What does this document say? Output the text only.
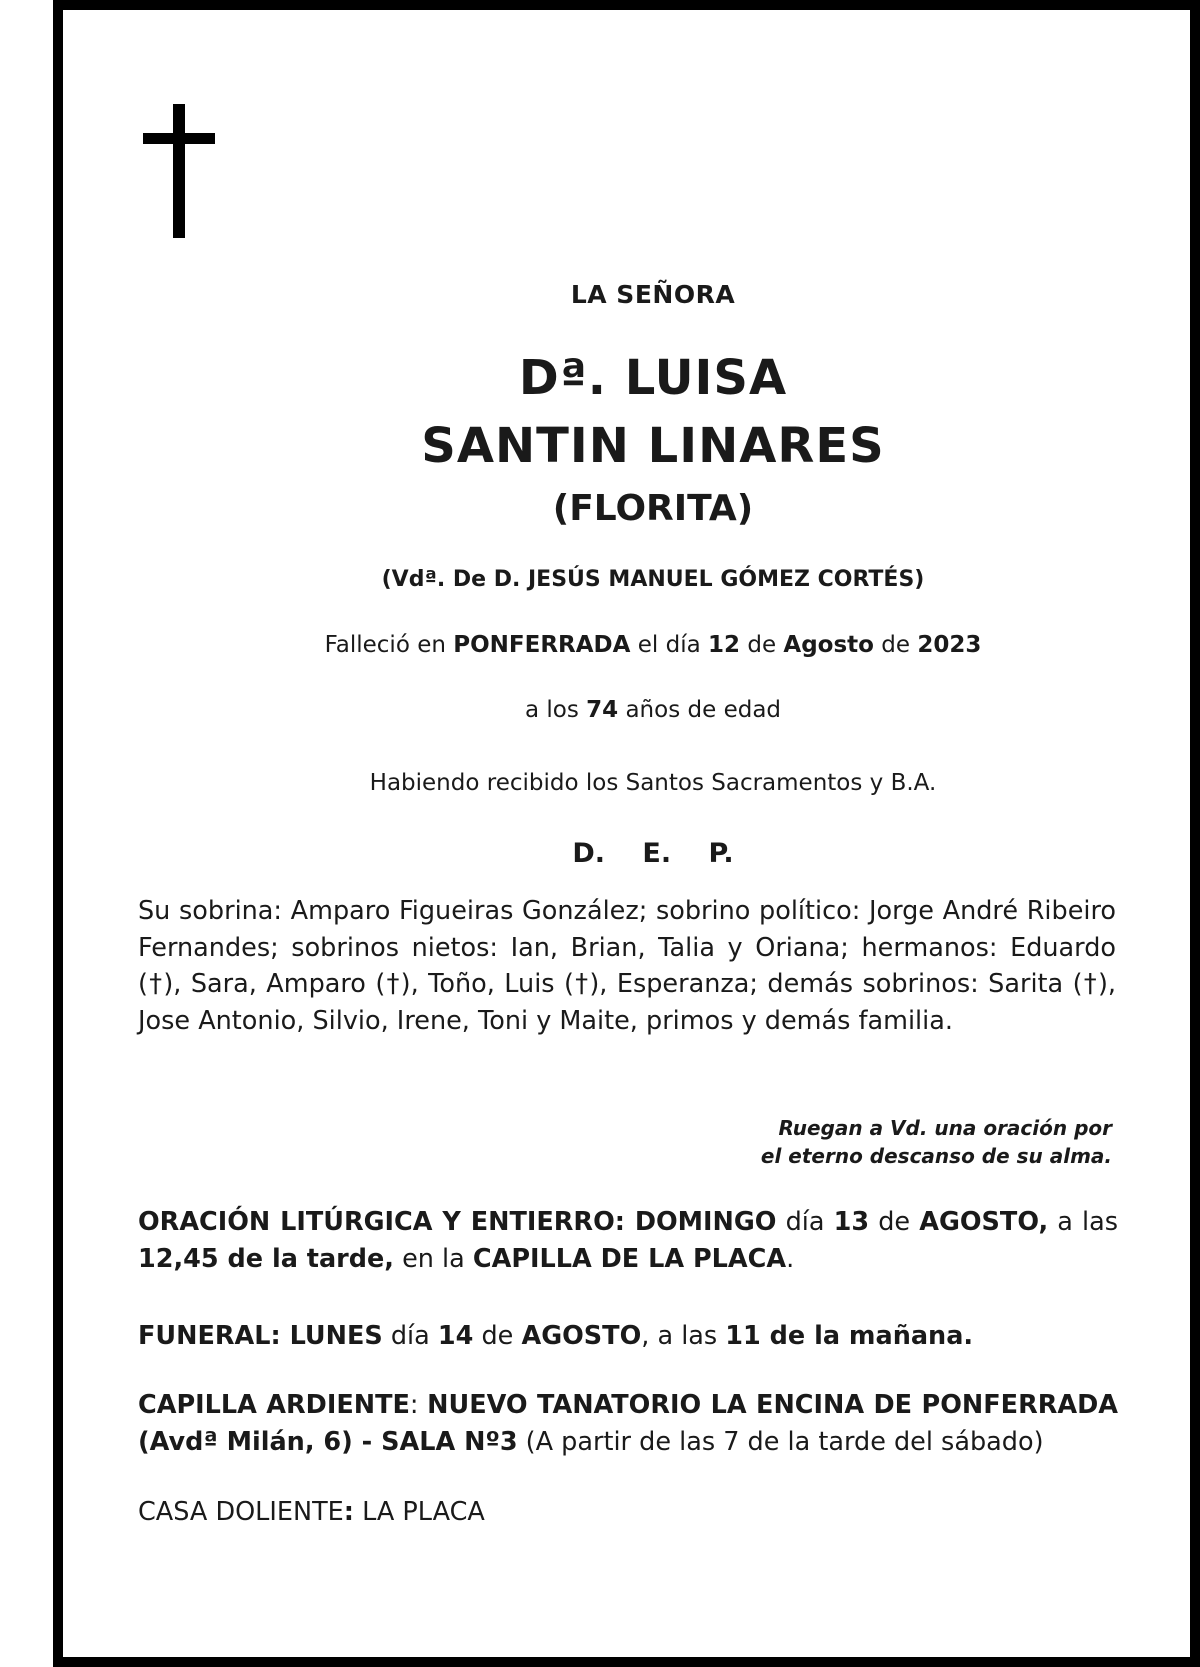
LA SEÑORA
Dª. LUISA
SANTIN LINARES
(FLORITA)
(Vdª. De D. JESÚS MANUEL GÓMEZ CORTÉS)
Falleció en PONFERRADA el día 12 de Agosto de 2023
a los 74 años de edad
Habiendo recibido los Santos Sacramentos y B.A.
D. E. P.
Su sobrina: Amparo Figueiras González; sobrino político: Jorge André Ribeiro Fernandes; sobrinos nietos: Ian, Brian, Talia y Oriana; hermanos: Eduardo (†), Sara, Amparo (†), Toño, Luis (†), Esperanza; demás sobrinos: Sarita (†), Jose Antonio, Silvio, Irene, Toni y Maite, primos y demás familia.
Ruegan a Vd. una oración por
el eterno descanso de su alma.
ORACIÓN LITÚRGICA Y ENTIERRO: DOMINGO día 13 de AGOSTO, a las 12,45 de la tarde, en la CAPILLA DE LA PLACA.
FUNERAL: LUNES día 14 de AGOSTO, a las 11 de la mañana.
CAPILLA ARDIENTE: NUEVO TANATORIO LA ENCINA DE PONFERRADA (Avdª Milán, 6) - SALA Nº3 (A partir de las 7 de la tarde del sábado)
CASA DOLIENTE: LA PLACA
